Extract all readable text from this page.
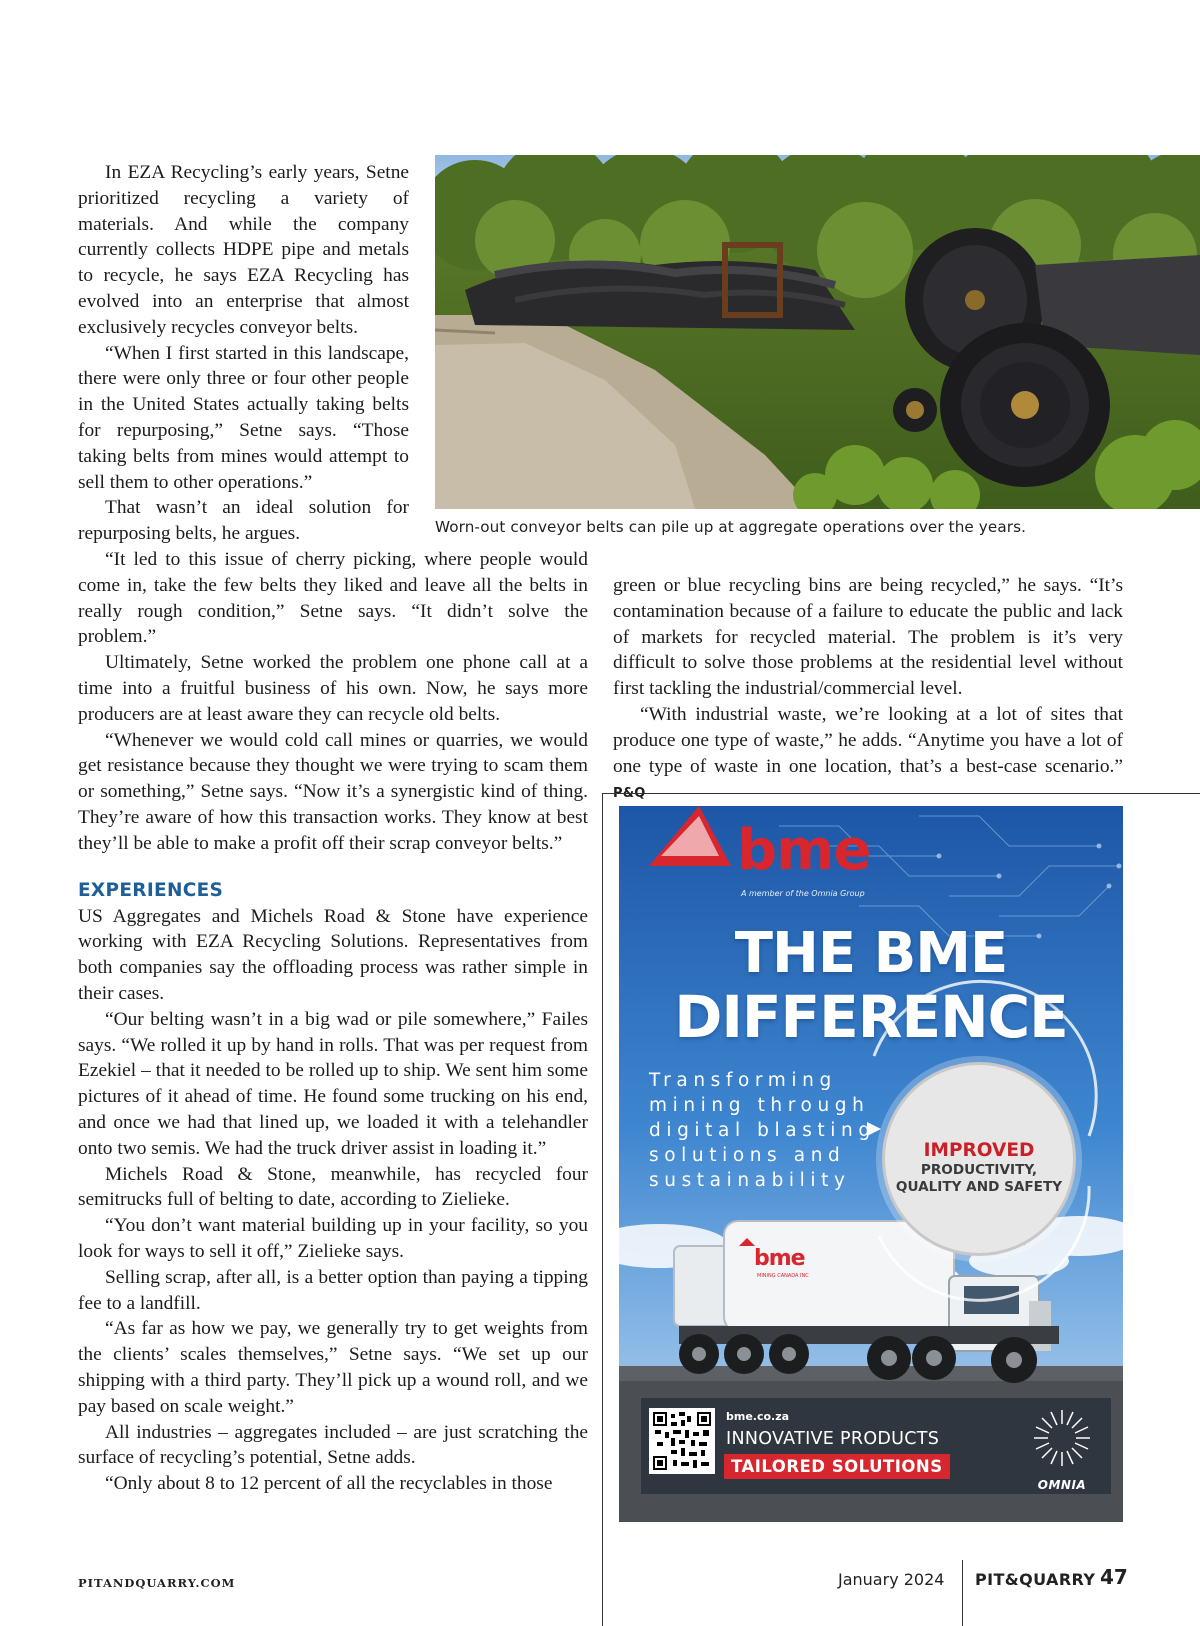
In EZA Recycling’s early years, Setne prioritized recycling a variety of materials. And while the company currently collects HDPE pipe and metals to recycle, he says EZA Recycling has evolved into an enterprise that almost exclusively recycles conveyor belts.

“When I first started in this landscape, there were only three or four other people in the United States actually taking belts for repurposing,” Setne says. “Those taking belts from mines would attempt to sell them to other operations.”

That wasn’t an ideal solution for repurposing belts, he argues.	Worn-out conveyor belts can pile up at aggregate operations over the years.

“It led to this issue of cherry picking, where people would come in, take the few belts they liked and leave all the belts in really rough condition,” Setne says. “It didn’t solve the problem.”

Ultimately, Setne worked the problem one phone call at a time into a fruitful business of his own. Now, he says more producers are at least aware they can recycle old belts.

“Whenever we would cold call mines or quarries, we would get resistance because they thought we were trying to scam them or something,” Setne says. “Now it’s a synergistic kind of thing. They’re aware of how this transaction works. They know at best they’ll be able to make a profit off their scrap conveyor belts.”

EXPERIENCES

US Aggregates and Michels Road & Stone have experience working with EZA Recycling Solutions. Representatives from both companies say the offloading process was rather simple in their cases.

“Our belting wasn’t in a big wad or pile somewhere,” Failes says. “We rolled it up by hand in rolls. That was per request from Ezekiel – that it needed to be rolled up to ship. We sent him some pictures of it ahead of time. He found some trucking on his end, and once we had that lined up, we loaded it with a telehandler onto two semis. We had the truck driver assist in loading it.”

Michels Road & Stone, meanwhile, has recycled four semitrucks full of belting to date, according to Zielieke.

“You don’t want material building up in your facility, so you look for ways to sell it off,” Zielieke says.

Selling scrap, after all, is a better option than paying a tipping fee to a landfill.

“As far as how we pay, we generally try to get weights from the clients’ scales themselves,” Setne says. “We set up our shipping with a third party. They’ll pick up a wound roll, and we pay based on scale weight.”

All industries – aggregates included – are just scratching the surface of recycling’s potential, Setne adds.

“Only about 8 to 12 percent of all the recyclables in those

green or blue recycling bins are being recycled,” he says. “It’s contamination because of a failure to educate the public and lack of markets for recycled material. The problem is it’s very difficult to solve those problems at the residential level without first tackling the industrial/commercial level.

“With industrial waste, we’re looking at a lot of sites that produce one type of waste,” he adds. “Anytime you have a lot of one type of waste in one location, that’s a best-case scenario.” P&Q

bme
A member of the Omnia Group
THE BME
DIFFERENCE
Transforming mining through digital blasting solutions and sustainability
IMPROVED
PRODUCTIVITY, QUALITY AND SAFETY
bme
MINING CANADA INC
bme.co.za
INNOVATIVE PRODUCTS
TAILORED SOLUTIONS
OMNIA
PITANDQUARRY.COM	January 2024 PIT&QUARRY 47
